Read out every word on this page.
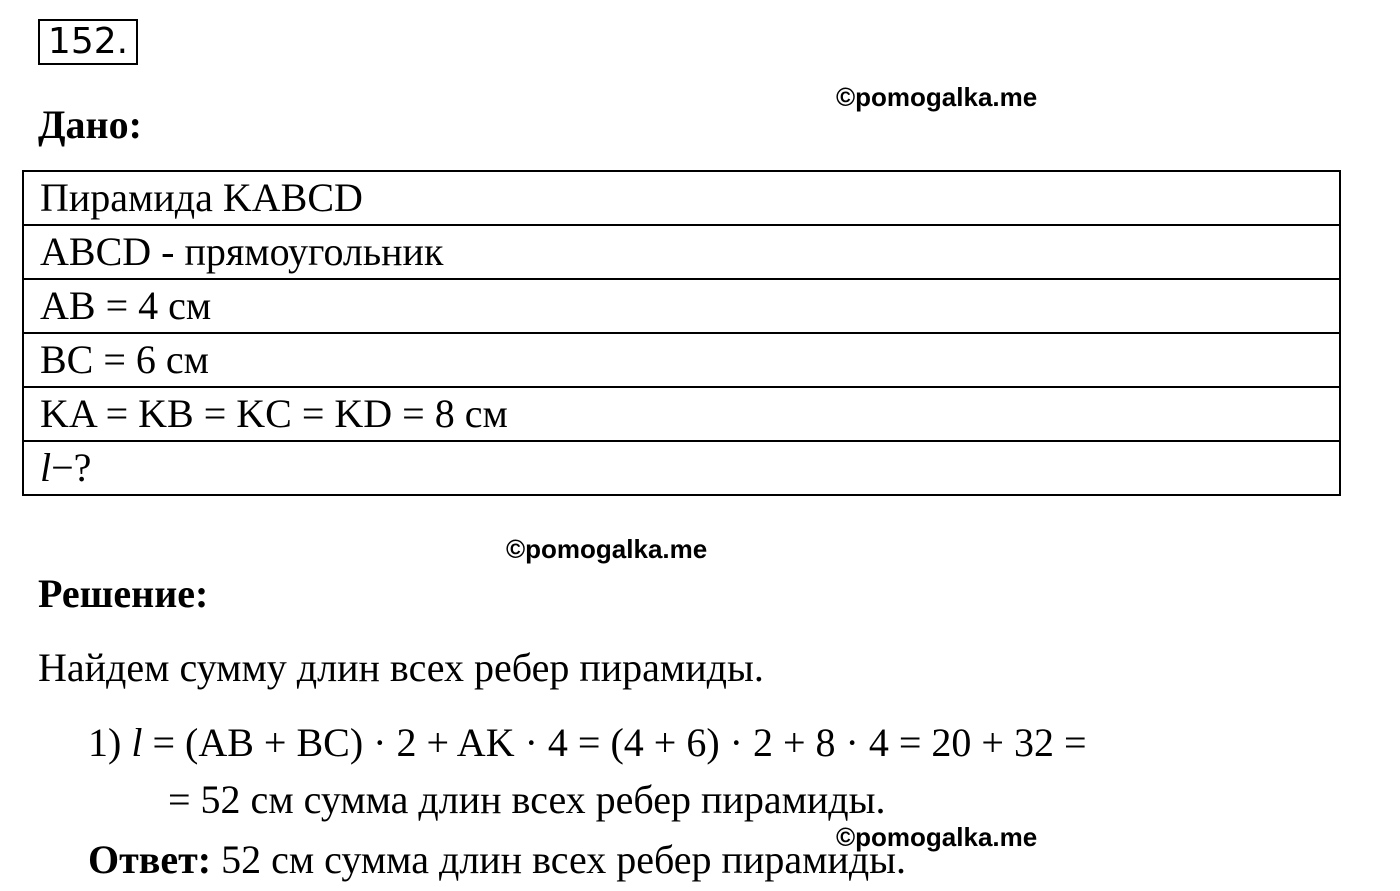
152.
©pomogalka.me
Дано:
Пирамида KABCD
ABCD - прямоугольник
AB = 4 см
BC = 6 см
KA = KB = KC = KD = 8 см
l−?
©pomogalka.me
Решение:
Найдем сумму длин всех ребер пирамиды.
1) l = (AB + BC) · 2 + AK · 4 = (4 + 6) · 2 + 8 · 4 = 20 + 32 =
= 52 см сумма длин всех ребер пирамиды.
©pomogalka.me
Ответ: 52 см сумма длин всех ребер пирамиды.
